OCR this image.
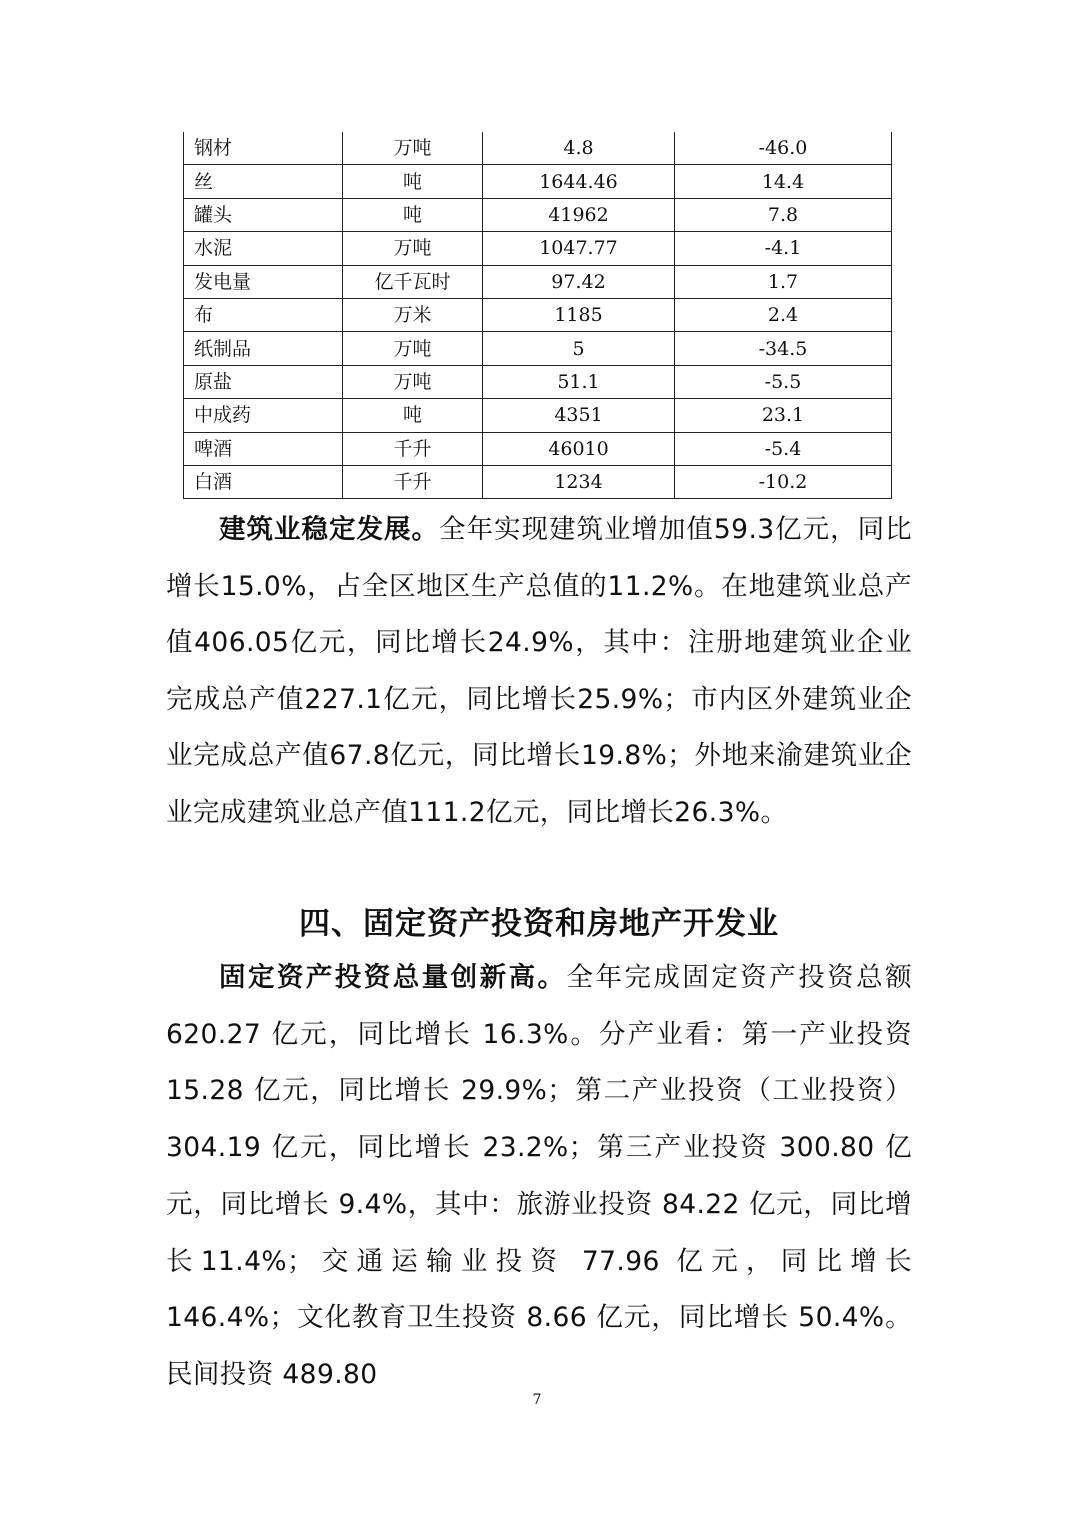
钢材	万吨	4.8	-46.0
丝	吨	1644.46	14.4
罐头	吨	41962	7.8
水泥	万吨	1047.77	-4.1
发电量	亿千瓦时	97.42	1.7
布	万米	1185	2.4
纸制品	万吨	5	-34.5
原盐	万吨	51.1	-5.5
中成药	吨	4351	23.1
啤酒	千升	46010	-5.4
白酒	千升	1234	-10.2

建筑业稳定发展。全年实现建筑业增加值59.3亿元，同比增长15.0%，占全区地区生产总值的11.2%。在地建筑业总产值406.05亿元，同比增长24.9%，其中：注册地建筑业企业完成总产值227.1亿元，同比增长25.9%；市内区外建筑业企业完成总产值67.8亿元，同比增长19.8%；外地来渝建筑业企业完成建筑业总产值111.2亿元，同比增长26.3%。

四、固定资产投资和房地产开发业

固定资产投资总量创新高。全年完成固定资产投资总额620.27 亿元，同比增长 16.3%。分产业看：第一产业投资15.28 亿元，同比增长 29.9%；第二产业投资（工业投资）304.19 亿元，同比增长 23.2%；第三产业投资 300.80 亿元，同比增长 9.4%，其中：旅游业投资 84.22 亿元，同比增长11.4%；交通运输业投资 77.96 亿元，同比增长 146.4%；文化教育卫生投资 8.66 亿元，同比增长 50.4%。民间投资 489.80

7
